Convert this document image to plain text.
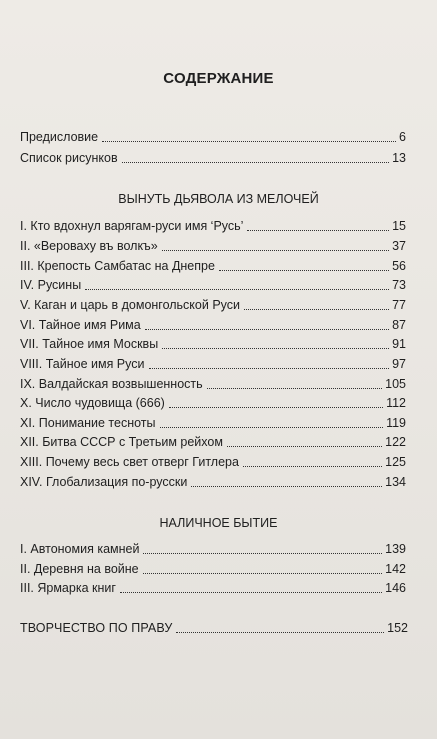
СОДЕРЖАНИЕ
Предисловие	6
Список рисунков	13
ВЫНУТЬ ДЬЯВОЛА ИЗ МЕЛОЧЕЙ
I. Кто вдохнул варягам-руси имя ‘Русь’	15
II. «Вероваху въ волкъ»	37
III. Крепость Самбатас на Днепре	56
IV. Русины	73
V. Каган и царь в домонгольской Руси	77
VI. Тайное имя Рима	87
VII. Тайное имя Москвы	91
VIII. Тайное имя Руси	97
IX. Валдайская возвышенность	105
X. Число чудовища (666)	112
XI. Понимание тесноты	119
XII. Битва СССР с Третьим рейхом	122
XIII. Почему весь свет отверг Гитлера	125
XIV. Глобализация по-русски	134
НАЛИЧНОЕ БЫТИЕ
I. Автономия камней	139
II. Деревня на войне	142
III. Ярмарка книг	146
ТВОРЧЕСТВО ПО ПРАВУ	152
